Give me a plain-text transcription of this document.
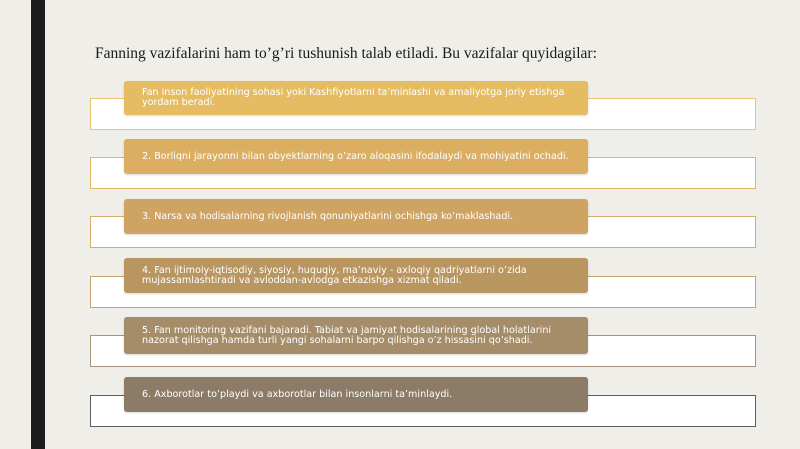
Fanning vazifalarini ham to’g’ri tushunish talab etiladi. Bu vazifalar quyidagilar:
Fan inson faoliyatining sohasi yoki Kashfiyotlarni ta’minlashi va amaliyotga joriy etishga yordam beradi.
2. Borliqni jarayonni bilan obyektlarning o’zaro aloqasini ifodalaydi va mohiyatini ochadi.
3. Narsa va hodisalarning rivojlanish qonuniyatlarini ochishga ko’maklashadi.
4. Fan ijtimoiy-iqtisodiy, siyosiy, huquqiy, ma’naviy - axloqiy qadriyatlarni o’zida mujassamlashtiradi va avloddan-avlodga etkazishga xizmat qiladi.
5. Fan monitoring vazifani bajaradi. Tabiat va jamiyat hodisalarining global holatlarini nazorat qilishga hamda turli yangi sohalarni barpo qilishga o’z hissasini qo’shadi.
6. Axborotlar to’playdi va axborotlar bilan insonlarni ta’minlaydi.
